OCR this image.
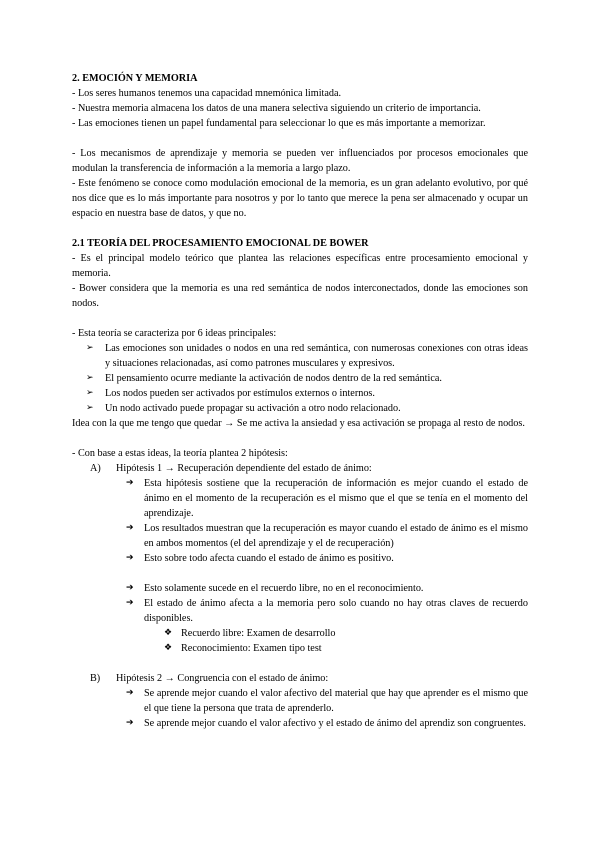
2. EMOCIÓN Y MEMORIA

- Los seres humanos tenemos una capacidad mnemónica limitada.

- Nuestra memoria almacena los datos de una manera selectiva siguiendo un criterio de importancia.

- Las emociones tienen un papel fundamental para seleccionar lo que es más importante a memorizar.

- Los mecanismos de aprendizaje y memoria se pueden ver influenciados por procesos emocionales que modulan la transferencia de información a la memoria a largo plazo.

- Este fenómeno se conoce como modulación emocional de la memoria, es un gran adelanto evolutivo, por qué nos dice que es lo más importante para nosotros y por lo tanto que merece la pena ser almacenado y ocupar un espacio en nuestra base de datos, y que no.

2.1 TEORÍA DEL PROCESAMIENTO EMOCIONAL DE BOWER

- Es el principal modelo teórico que plantea las relaciones específicas entre procesamiento emocional y memoria.

- Bower considera que la memoria es una red semántica de nodos interconectados, donde las emociones son nodos.

- Esta teoría se caracteriza por 6 ideas principales:

➢ Las emociones son unidades o nodos en una red semántica, con numerosas conexiones con otras ideas y situaciones relacionadas, así como patrones musculares y expresivos.
➢ El pensamiento ocurre mediante la activación de nodos dentro de la red semántica.
➢ Los nodos pueden ser activados por estímulos externos o internos.
➢ Un nodo activado puede propagar su activación a otro nodo relacionado.

Idea con la que me tengo que quedar → Se me activa la ansiedad y esa activación se propaga al resto de nodos.

- Con base a estas ideas, la teoría plantea 2 hipótesis:

A) Hipótesis 1 → Recuperación dependiente del estado de ánimo:
➔ Esta hipótesis sostiene que la recuperación de información es mejor cuando el estado de ánimo en el momento de la recuperación es el mismo que el que se tenía en el momento del aprendizaje.
➔ Los resultados muestran que la recuperación es mayor cuando el estado de ánimo es el mismo en ambos momentos (el del aprendizaje y el de recuperación)
➔ Esto sobre todo afecta cuando el estado de ánimo es positivo.
➔ Esto solamente sucede en el recuerdo libre, no en el reconocimiento.
➔ El estado de ánimo afecta a la memoria pero solo cuando no hay otras claves de recuerdo disponibles.
❖ Recuerdo libre: Examen de desarrollo
❖ Reconocimiento: Examen tipo test
B) Hipótesis 2 → Congruencia con el estado de ánimo:
➔ Se aprende mejor cuando el valor afectivo del material que hay que aprender es el mismo que el que tiene la persona que trata de aprenderlo.
➔ Se aprende mejor cuando el valor afectivo y el estado de ánimo del aprendiz son congruentes.
